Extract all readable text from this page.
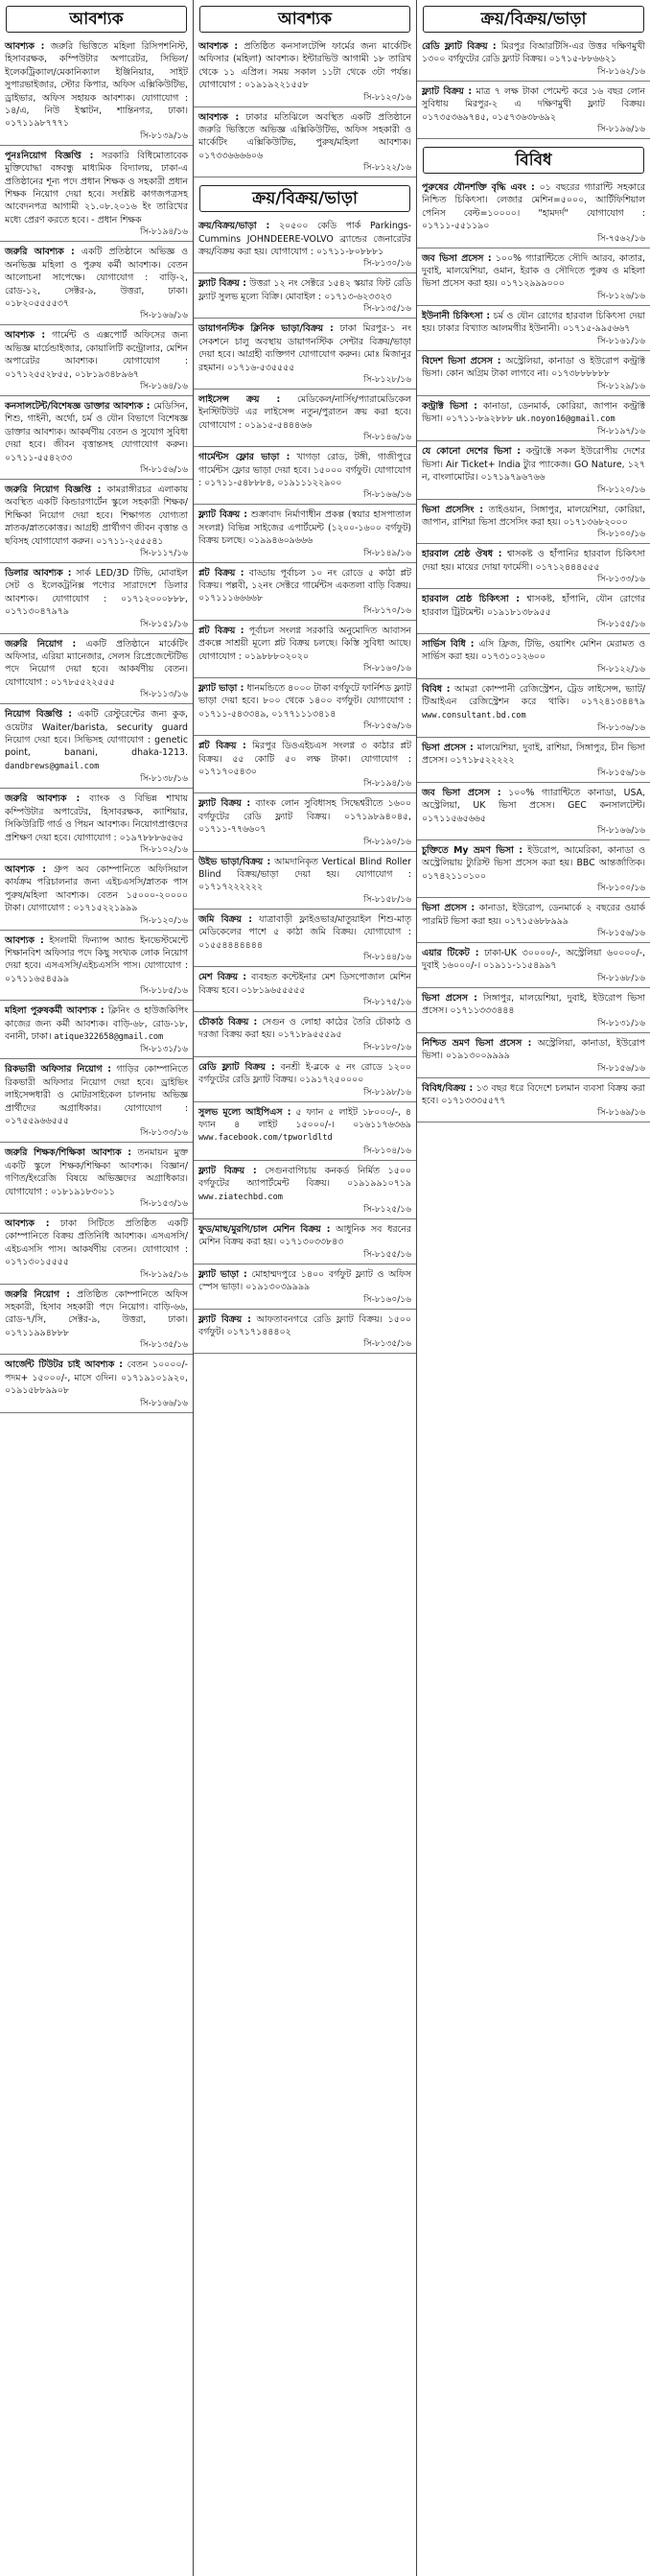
আবশ্যক
আবশ্যক : জরুরি ভিত্তিতে মহিলা রিসিপশনিস্ট, হিসাবরক্ষক, কম্পিউটার অপারেটর, সিভিল/ইলেকট্রিক্যাল/মেকানিক্যাল ইঞ্জিনিয়ার, সাইট সুপারভাইজার, স্টোর কিপার, অফিস এক্সিকিউটিভ, ড্রাইভার, অফিস সহায়ক আবশ্যক। যোগাযোগ : ১৪/এ, নিউ ইস্কাটন, শান্তিনগর, ঢাকা। ০১৭১১৯৮৭৭৭১
সি-৮১৩৯/১৬
পুনঃনিয়োগ বিজ্ঞপ্তি : সরকারি বিধিমোতাবেক মুক্তিযোদ্ধা বঙ্গবন্ধু মাধ্যমিক বিদ্যালয়, ঢাকা-এ প্রতিষ্ঠানের শূন্য পদে প্রধান শিক্ষক ও সহকারী প্রধান শিক্ষক নিয়োগ দেয়া হবে। সংশ্লিষ্ট কাগজপত্রসহ আবেদনপত্র আগামী ২১.০৮.২০১৬ ইং তারিখের মধ্যে প্রেরণ করতে হবে। - প্রধান শিক্ষক
সি-৮১৯৪/১৬
জরুরি আবশ্যক : একটি প্রতিষ্ঠানে অভিজ্ঞ ও অনভিজ্ঞ মহিলা ও পুরুষ কর্মী আবশ্যক। বেতন আলোচনা সাপেক্ষে। যোগাযোগ : বাড়ি-২, রোড-১২, সেক্টর-৯, উত্তরা, ঢাকা। ০১৮২০৫৫৫৫৩৭
সি-৮১৬৬/১৬
আবশ্যক : গার্মেন্ট ও এক্সপোর্ট অফিসের জন্য অভিজ্ঞ মার্চেন্ডাইজার, কোয়ালিটি কন্ট্রোলার, মেশিন অপারেটর আবশ্যক। যোগাযোগ : ০১৭১২৫৫২৮৫৫, ০১৮১৯৩৪৮৯৬৭
সি-৮১৬৪/১৬
কনসালটেন্ট/বিশেষজ্ঞ ডাক্তার আবশ্যক : মেডিসিন, শিশু, গাইনী, অর্থো, চর্ম ও যৌন বিভাগে বিশেষজ্ঞ ডাক্তার আবশ্যক। আকর্ষণীয় বেতন ও সুযোগ সুবিধা দেয়া হবে। জীবন বৃত্তান্তসহ যোগাযোগ করুন। ০১৭১১-৫৫৪২৩৩
সি-৮১৫৬/১৬
জরুরি নিয়োগ বিজ্ঞপ্তি : কামরাঙ্গীরচর এলাকায় অবস্থিত একটি কিন্ডারগার্টেন স্কুলে সহকারী শিক্ষক/শিক্ষিকা নিয়োগ দেয়া হবে। শিক্ষাগত যোগ্যতা স্নাতক/স্নাতকোত্তর। আগ্রহী প্রার্থীগণ জীবন বৃত্তান্ত ও ছবিসহ যোগাযোগ করুন। ০১৭১১-২৫৫৫৪১
সি-৮১১৭/১৬
ডিলার আবশ্যক : সার্ক LED/3D টিভি, মোবাইল সেট ও ইলেকট্রনিক্স পণ্যের সারাদেশে ডিলার আবশ্যক। যোগাযোগ : ০১৭১২০০০৮৮৮, ০১৭১৩০৪৭৯৭৯
সি-৮১৫১/১৬
জরুরি নিয়োগ : একটি প্রতিষ্ঠানে মার্কেটিং অফিসার, এরিয়া ম্যানেজার, সেলস রিপ্রেজেন্টেটিভ পদে নিয়োগ দেয়া হবে। আকর্ষণীয় বেতন। যোগাযোগ : ০১৭৮৫৫২২৫৫৫
সি-৮১১৩/১৬
নিয়োগ বিজ্ঞপ্তি : একটি রেস্টুরেন্টের জন্য কুক, ওয়েটার Waiter/barista, security guard নিয়োগ দেয়া হবে। সিভিসহ যোগাযোগ : genetic point, banani, dhaka-1213. dandbrews@gmail.com
সি-৮১৩৮/১৬
জরুরি আবশ্যক : ব্যাংক ও বিভিন্ন শাখায় কম্পিউটার অপারেটর, হিসাবরক্ষক, ক্যাশিয়ার, সিকিউরিটি গার্ড ও পিয়ন আবশ্যক। নিয়োগপ্রাপ্তদের প্রশিক্ষণ দেয়া হবে। যোগাযোগ : ০১৯৭৮৮৮৬৫৬৫
সি-৮১০২/১৬
আবশ্যক : গ্রুপ অব কোম্পানিতে অফিসিয়াল কার্যক্রম পরিচালনার জন্য এইচএসসি/স্নাতক পাস পুরুষ/মহিলা আবশ্যক। বেতন ১৫০০০-২০০০০ টাকা। যোগাযোগ : ০১৭১৫২২১৯৯৯
সি-৮১২০/১৬
আবশ্যক : ইসলামী ফিন্যান্স অ্যান্ড ইনভেস্টমেন্টে শিক্ষানবিশ অফিসার পদে কিছু সংখ্যক লোক নিয়োগ দেয়া হবে। এসএসসি/এইচএসসি পাস। যোগাযোগ : ০১৭১১৬৫৪৫৯৯
সি-৮১৮৫/১৬
মহিলা পুরুষকর্মী আবশ্যক : ক্লিনিং ও হাউজকিপিং কাজের জন্য কর্মী আবশ্যক। বাড়ি-৬৮, রোড-১৮, বনানী, ঢাকা। atique322658@gmail.com
সি-৮১৩১/১৬
রিকভারী অফিসার নিয়োগ : গাড়ির কোম্পানিতে রিকভারী অফিসার নিয়োগ দেয়া হবে। ড্রাইভিং লাইসেন্সধারী ও মোটরসাইকেল চালনায় অভিজ্ঞ প্রার্থীদের অগ্রাধিকার। যোগাযোগ : ০১৭৫৫৯৬৬৫৫৫
সি-৮১৩৩/১৬
জরুরি শিক্ষক/শিক্ষিকা আবশ্যক : তনমায়ন মুক্ত একটি স্কুলে শিক্ষক/শিক্ষিকা আবশ্যক। বিজ্ঞান/গণিত/ইংরেজি বিষয়ে অভিজ্ঞদের অগ্রাধিকার। যোগাযোগ : ০১৮১৯১৮৩০১১
সি-৮১৫৩/১৬
আবশ্যক : ঢাকা সিটিতে প্রতিষ্ঠিত একটি কোম্পানিতে বিক্রয় প্রতিনিধি আবশ্যক। এসএসসি/এইচএসসি পাস। আকর্ষণীয় বেতন। যোগাযোগ : ০১৭১৩০১৫৫৫৫
সি-৮১৯৫/১৬
জরুরি নিয়োগ : প্রতিষ্ঠিত কোম্পানিতে অফিস সহকারী, হিসাব সহকারী পদে নিয়োগ। বাড়ি-৬৬, রোড-৭/সি, সেক্টর-৯, উত্তরা, ঢাকা। ০১৭১১৯৯৪৮৮৮
সি-৮১৩৫/১৬
আর্জেন্ট টিউটর চাই আবশ্যক : বেতন ১০০০০/- পদম+ ১৫০০০/-, মাসে ৩দিন। ০১৭১৯১০১৯২০, ০১৯১৫৮৮৯৯০৮
সি-৮১৬৬/১৬
আবশ্যক
আবশ্যক : প্রতিষ্ঠিত কনসালটেন্সি ফার্মের জন্য মার্কেটিং অফিসার (মহিলা) আবশ্যক। ইন্টারভিউ আগামী ১৮ তারিখ থেকে ১১ এপ্রিল। সময় সকাল ১১টা থেকে ৩টা পর্যন্ত। যোগাযোগ : ০১৯১৯২২১৫৫৮
সি-৮১২০/১৬
আবশ্যক : ঢাকার মতিঝিলে অবস্থিত একটি প্রতিষ্ঠানে জরুরি ভিত্তিতে অভিজ্ঞ এক্সিকিউটিভ, অফিস সহকারী ও মার্কেটিং এক্সিকিউটিভ, পুরুষ/মহিলা আবশ্যক। ০১৭৩৩৬৬৬৬০৬
সি-৮১২২/১৬
ক্রয়/বিক্রয়/ভাড়া
ক্রয়/বিক্রয়/ভাড়া : ২০৫০০ কেডি পার্ক Parkings-Cummins JOHNDEERE-VOLVO ব্র্যান্ডের জেনারেটর ক্রয়/বিক্রয় করা হয়। যোগাযোগ : ০১৭১১-৮০৮৮৮১
সি-৮১৩০/১৬
ফ্ল্যাট বিক্রয় : উত্তরা ১২ নং সেক্টরে ১৫৪২ স্কয়ার ফিট রেডি ফ্ল্যাট সুলভ মূল্যে বিক্রি। মোবাইল : ০১৭১৩-৬২৩৩২৩
সি-৮১৩৫/১৬
ডায়াগনস্টিক ক্লিনিক ভাড়া/বিক্রয় : ঢাকা মিরপুর-১ নং সেকশনে চালু অবস্থায় ডায়াগনস্টিক সেন্টার বিক্রয়/ভাড়া দেয়া হবে। আগ্রহী ব্যক্তিগণ যোগাযোগ করুন। মোঃ মিজানুর রহমান। ০১৭১৬-৫৩৫৫৫৫
সি-৮১২৮/১৬
লাইসেন্স ক্রয় : মেডিকেল/নার্সিং/প্যারামেডিকেল ইনস্টিটিউট এর লাইসেন্স নতুন/পুরাতন ক্রয় করা হবে। যোগাযোগ : ০১৯১৫-৫৪৪৪৬৬
সি-৮১৪৬/১৬
গার্মেন্টস ফ্লোর ভাড়া : খাগড়া রোড, টঙ্গী, গাজীপুরে গার্মেন্টস ফ্লোর ভাড়া দেয়া হবে। ১৫০০০ বর্গফুট। যোগাযোগ : ০১৭১১-৫৪৮৮৮৪, ০১৯১১১২২৯০০
সি-৮১৬৬/১৬
ফ্ল্যাট বিক্রয় : শুক্রাবাদ নির্মাণাধীন প্রকল্প (স্বয়ার হাসপাতাল সংলগ্ন) বিভিন্ন সাইজের এপার্টমেন্ট (১২০০-১৬০০ বর্গফুট) বিক্রয় চলছে। ০১৯৯৪৬০৯৬৬৬
সি-৮১৪৯/১৬
প্লট বিক্রয় : বাড্ডায় পূর্বাচল ১০ নং রোডে ৫ কাঠা প্লট বিক্রয়। পল্লবী, ১২নং সেক্টরে গার্মেন্টস একতলা বাড়ি বিক্রয়। ০১৭১১১৬৬৬৬৮
সি-৮১৭০/১৬
প্লট বিক্রয় : পূর্বাচল সংলগ্ন সরকারি অনুমোদিত আবাসন প্রকল্পে সাশ্রয়ী মূল্যে প্লট বিক্রয় চলছে। কিস্তি সুবিধা আছে। যোগাযোগ : ০১৯৮৮৮০২০২০
সি-৮১৬০/১৬
ফ্ল্যাট ভাড়া : ধানমন্ডিতে ৪০০০ টাকা বর্গফুটে ফার্নিশড ফ্ল্যাট ভাড়া দেয়া হবে। ৮০০ থেকে ১৪০০ বর্গফুট। যোগাযোগ : ০১৭১১-৫৪৩৩৪৯, ০১৭৭১১১৩৪১৪
সি-৮১৫৬/১৬
প্লট বিক্রয় : মিরপুর ডিওএইচএস সংলগ্ন ৩ কাঠার প্লট বিক্রয়। ৫৫ কোটি ৫০ লক্ষ টাকা। যোগাযোগ : ০১৭১৭০৫৪৩০
সি-৮১৯৪/১৬
ফ্ল্যাট বিক্রয় : ব্যাংক লোন সুবিধাসহ সিদ্ধেশ্বরীতে ১৬০০ বর্গফুটের রেডি ফ্ল্যাট বিক্রয়। ০১৭১৯৮৯৪০৪৫, ০১৭১১-৭৭৬৬০৭
সি-৮১৯০/১৬
উইভ ভাড়া/বিক্রয় : আমদানিকৃত Vertical Blind Roller Blind বিক্রয়/ভাড়া দেয়া হয়। যোগাযোগ : ০১৭১৭২২২২২২
সি-৮১৫৮/১৬
জমি বিক্রয় : যাত্রাবাড়ী ফ্লাইওভার/মাতুয়াইল শিশু-মাতৃ মেডিকেলের পাশে ৫ কাঠা জমি বিক্রয়। যোগাযোগ : ০১৫৫৪৪৪৪৪৪৪
সি-৮১৪৪/১৬
মেশ বিক্রয় : ব্যবহৃত কন্টেইনার মেশ ডিসপোজাল মেশিন বিক্রয় হবে। ০১৮১৯৬৫৫৫৫৫
সি-৮১৭৫/১৬
চৌকাঠ বিক্রয় : সেগুন ও লোহা কাঠের তৈরি চৌকাঠ ও দরজা বিক্রয় করা হয়। ০১৭১৮৯৫৫৫৯৫
সি-৮১৮০/১৬
রেডি ফ্ল্যাট বিক্রয় : বনশ্রী ই-ব্লকে ৫ নং রোডে ১২০০ বর্গফুটের রেডি ফ্ল্যাট বিক্রয়। ০১৯১৭২৫০০০০
সি-৮১৯৮/১৬
সুলভ মূল্যে আইপিএস : ৫ ফ্যান ৫ লাইট ১৮০০০/-, ৪ ফ্যান ৪ লাইট ১৫০০০/-। ০১৬১১৭৬৩৬৯ www.facebook.com/tpworldltd
সি-৮১০৪/১৬
ফ্ল্যাট বিক্রয় : সেগুনবাগিচায় কনকর্ড নির্মিত ১৫০০ বর্গফুটের অ্যাপার্টমেন্ট বিক্রয়। ০১৯১৯৯১০৭১৯ www.ziatechbd.com
সি-৮১২৫/১৬
ফুড/মাছ/মুরগি/চাল মেশিন বিক্রয় : আধুনিক সব ধরনের মেশিন বিক্রয় করা হয়। ০১৭১৩০৩৩৮৪৩
সি-৮১৫৫/১৬
ফ্ল্যাট ভাড়া : মোহাম্মদপুরে ১৪০০ বর্গফুট ফ্ল্যাট ও অফিস স্পেস ভাড়া। ০১৯১৩০৩৯৯৯৯
সি-৮১৬০/১৬
ফ্ল্যাট বিক্রয় : আফতাবনগরে রেডি ফ্ল্যাট বিক্রয়। ১৫০০ বর্গফুট। ০১৭১৭১৪৪৪০২
সি-৮১৩৫/১৬
ক্রয়/বিক্রয়/ভাড়া
রেডি ফ্ল্যাট বিক্রয় : মিরপুর বিআরটিসি-এর উত্তর দক্ষিণমুখী ১৩০০ বর্গফুটের রেডি ফ্ল্যাট বিক্রয়। ০১৭১৫-৮৮৬৬২১
সি-৮১৬২/১৬
ফ্ল্যাট বিক্রয় : মাত্র ৭ লক্ষ টাকা পেমেন্ট করে ১৬ বছর লোন সুবিধায় মিরপুর-২ এ দক্ষিণমুখী ফ্ল্যাট বিক্রয়। ০১৭৩৫৩৬৯৭৪৫, ০১৫৭৩৬৩৮৬৯২
সি-৮১৯৬/১৬
বিবিধ
পুরুষের যৌনশক্তি বৃদ্ধি এবং : ০১ বছরের গ্যারান্টি সহকারে নিশ্চিত চিকিৎসা। লেজার মেশিন=৫০০০, আর্টিফিশিয়াল পেনিস বেল্ট=১০০০০। "হামদর্দ" যোগাযোগ : ০১৭১১-৫৫১১৯০
সি-৭৫৬২/১৬
জব ভিসা প্রসেস : ১০০% গ্যারান্টিতে সৌদি আরব, কাতার, দুবাই, মালয়েশিয়া, ওমান, ইরাক ও সৌদিতে পুরুষ ও মহিলা ভিসা প্রসেস করা হয়। ০১৭১২৯৯৯০০০
সি-৮১২৬/১৬
ইউনানী চিকিৎসা : চর্ম ও যৌন রোগের হারবাল চিকিৎসা দেয়া হয়। ঢাকার বিখ্যাত আলমগীর ইউনানী। ০১৭১৫-৯৯৫৬৬৭
সি-৮১৬১/১৬
বিদেশ ভিসা প্রসেস : অস্ট্রেলিয়া, কানাডা ও ইউরোপ কন্ট্রাক্ট ভিসা। কোন অগ্রিম টাকা লাগবে না। ০১৭৩৮৮৮৮৮৮
সি-৮১২৯/১৬
কন্ট্রাক্ট ভিসা : কানাডা, ডেনমার্ক, কোরিয়া, জাপান কন্ট্রাক্ট ভিসা। ০১৭১১-৮৯২৮৮৮ uk.noyon16@gmail.com
সি-৮১৯৭/১৬
যে কোনো দেশের ভিসা : কন্ট্রাক্টে সকল ইউরোপীয় দেশের ভিসা। Air Ticket+ India ট্যুর প্যাকেজ। GO Nature, ১২৭ ন, বাংলামোটর। ০১৭১৯৭৯৬৭৬৬
সি-৮১২০/১৬
ভিসা প্রসেসিং : তাইওয়ান, সিঙ্গাপুর, মালয়েশিয়া, কোরিয়া, জাপান, রাশিয়া ভিসা প্রসেসিং করা হয়। ০১৭১৩৬৮২০০০
সি-৮১০০/১৬
হারবাল শ্রেষ্ঠ ঔষধ : শ্বাসকষ্ট ও হাঁপানির হারবাল চিকিৎসা দেয়া হয়। মায়ের দোয়া ফার্মেসী। ০১৭১২৪৪৪৫৫৫
সি-৮১৩৩/১৬
হারবাল শ্রেষ্ঠ চিকিৎসা : শ্বাসকষ্ট, হাঁপানি, যৌন রোগের হারবাল ট্রিটমেন্ট। ০১৯১৮১৩৮৯৫৫
সি-৮১৫৫/১৬
সার্ভিস বিধি : এসি ফ্রিজ, টিভি, ওয়াশিং মেশিন মেরামত ও সার্ভিস করা হয়। ০১৭৩১০১২৬০০
সি-৮১২২/১৬
বিবিধ : আমরা কোম্পানী রেজিস্ট্রেশন, ট্রেড লাইসেন্স, ভ্যাট/টিআইএন রেজিস্ট্রেশন করে থাকি। ০১৭২৪১৩৪৪৭৯ www.consultant.bd.com
সি-৮১৩৬/১৬
ভিসা প্রসেস : মালয়েশিয়া, দুবাই, রাশিয়া, সিঙ্গাপুর, চীন ভিসা প্রসেস। ০১৭১৮৫২২২২২
সি-৮১৫৬/১৬
জব ভিসা প্রসেস : ১০০% গ্যারান্টিতে কানাডা, USA, অস্ট্রেলিয়া, UK ভিসা প্রসেস। GEC কনসালটেন্ট। ০১৭১১৫৬৫৬৬৫
সি-৮১৬৬/১৬
চুক্তিতে My ভ্রমণ ভিসা : ইউরোপ, আমেরিকা, কানাডা ও অস্ট্রেলিয়ায় ট্যুরিস্ট ভিসা প্রসেস করা হয়। BBC আন্তর্জাতিক। ০১৭৪২১১০১০০
সি-৮১০০/১৬
ভিসা প্রসেস : কানাডা, ইউরোপ, ডেনমার্কে ২ বছরের ওয়ার্ক পারমিট ভিসা করা হয়। ০১৭১৫৬৮৮৯৯৯
সি-৮১৫৬/১৬
এয়ার টিকেট : ঢাকা-UK ৩০০০০/-, অস্ট্রেলিয়া ৬০০০০/-, দুবাই ১৬০০০/-। ০১৯১১-১১৫৪৯৯৭
সি-৮১৬৮/১৬
ভিসা প্রসেস : সিঙ্গাপুর, মালয়েশিয়া, দুবাই, ইউরোপ ভিসা প্রসেস। ০১৭১১৩৩৩৪৪৪
সি-৮১৩১/১৬
নিশ্চিত ভ্রমণ ভিসা প্রসেস : অস্ট্রেলিয়া, কানাডা, ইউরোপ ভিসা। ০১৯১৩০০৯৯৯৯
সি-৮১৫৬/১৬
বিবিধ/বিক্রয় : ১৩ বছর ধরে বিদেশে চলমান ব্যবসা বিক্রয় করা হবে। ০১৭১৩৩৩৫৫৭৭
সি-৮১৬৯/১৬
